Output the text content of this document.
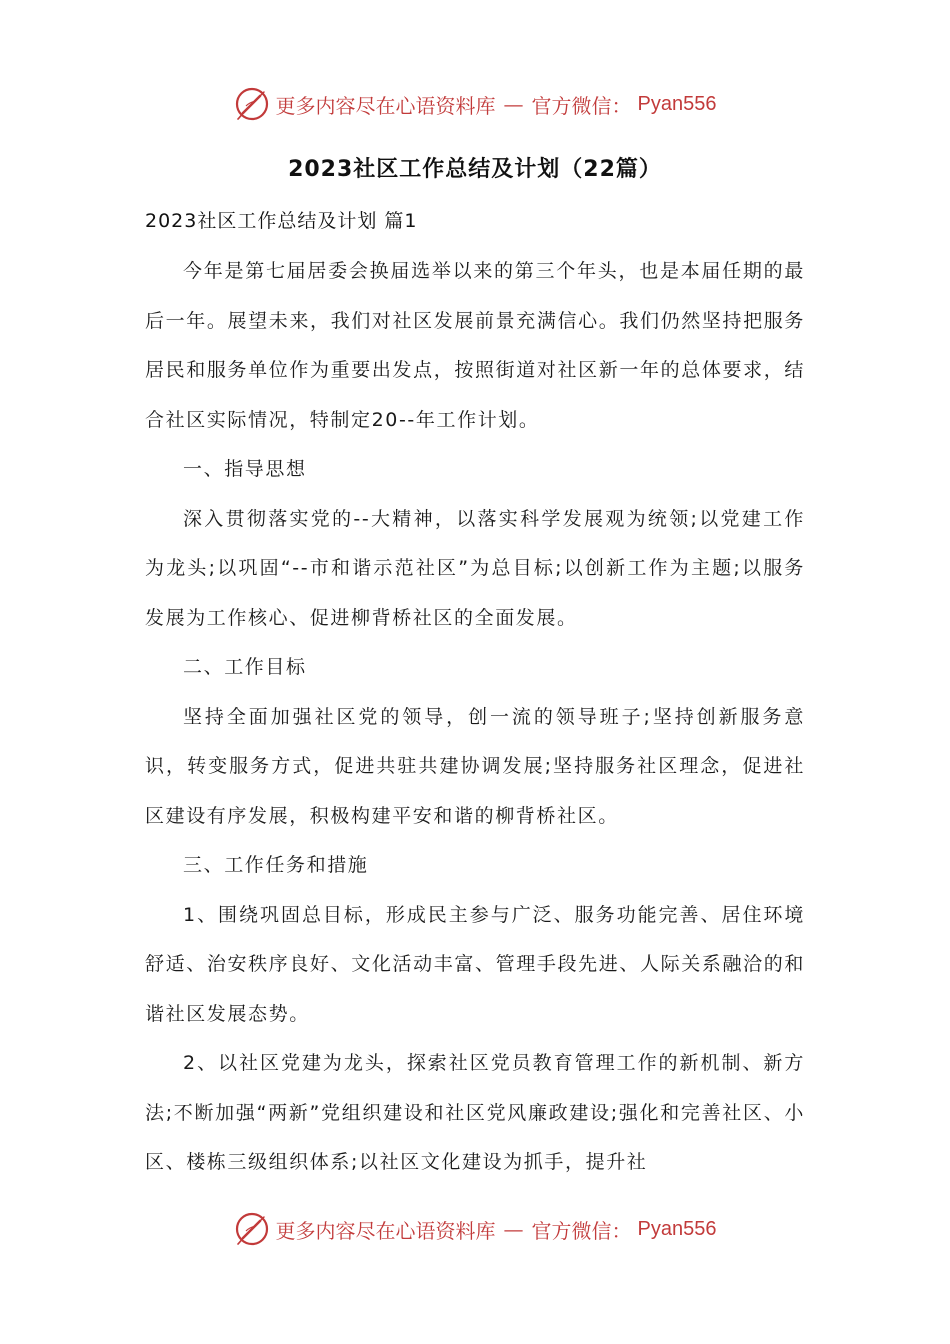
更多内容尽在心语资料库 — 官方微信： Pyan556
2023社区工作总结及计划（22篇）
2023社区工作总结及计划 篇1

今年是第七届居委会换届选举以来的第三个年头，也是本届任期的最后一年。展望未来，我们对社区发展前景充满信心。我们仍然坚持把服务居民和服务单位作为重要出发点，按照街道对社区新一年的总体要求，结合社区实际情况，特制定20--年工作计划。

一、指导思想

深入贯彻落实党的--大精神，以落实科学发展观为统领;以党建工作为龙头;以巩固“--市和谐示范社区”为总目标;以创新工作为主题;以服务发展为工作核心、促进柳背桥社区的全面发展。

二、工作目标

坚持全面加强社区党的领导，创一流的领导班子;坚持创新服务意识，转变服务方式，促进共驻共建协调发展;坚持服务社区理念，促进社区建设有序发展，积极构建平安和谐的柳背桥社区。

三、工作任务和措施

1、围绕巩固总目标，形成民主参与广泛、服务功能完善、居住环境舒适、治安秩序良好、文化活动丰富、管理手段先进、人际关系融洽的和谐社区发展态势。

2、以社区党建为龙头，探索社区党员教育管理工作的新机制、新方法;不断加强“两新”党组织建设和社区党风廉政建设;强化和完善社区、小区、楼栋三级组织体系;以社区文化建设为抓手，提升社

更多内容尽在心语资料库 — 官方微信： Pyan556
